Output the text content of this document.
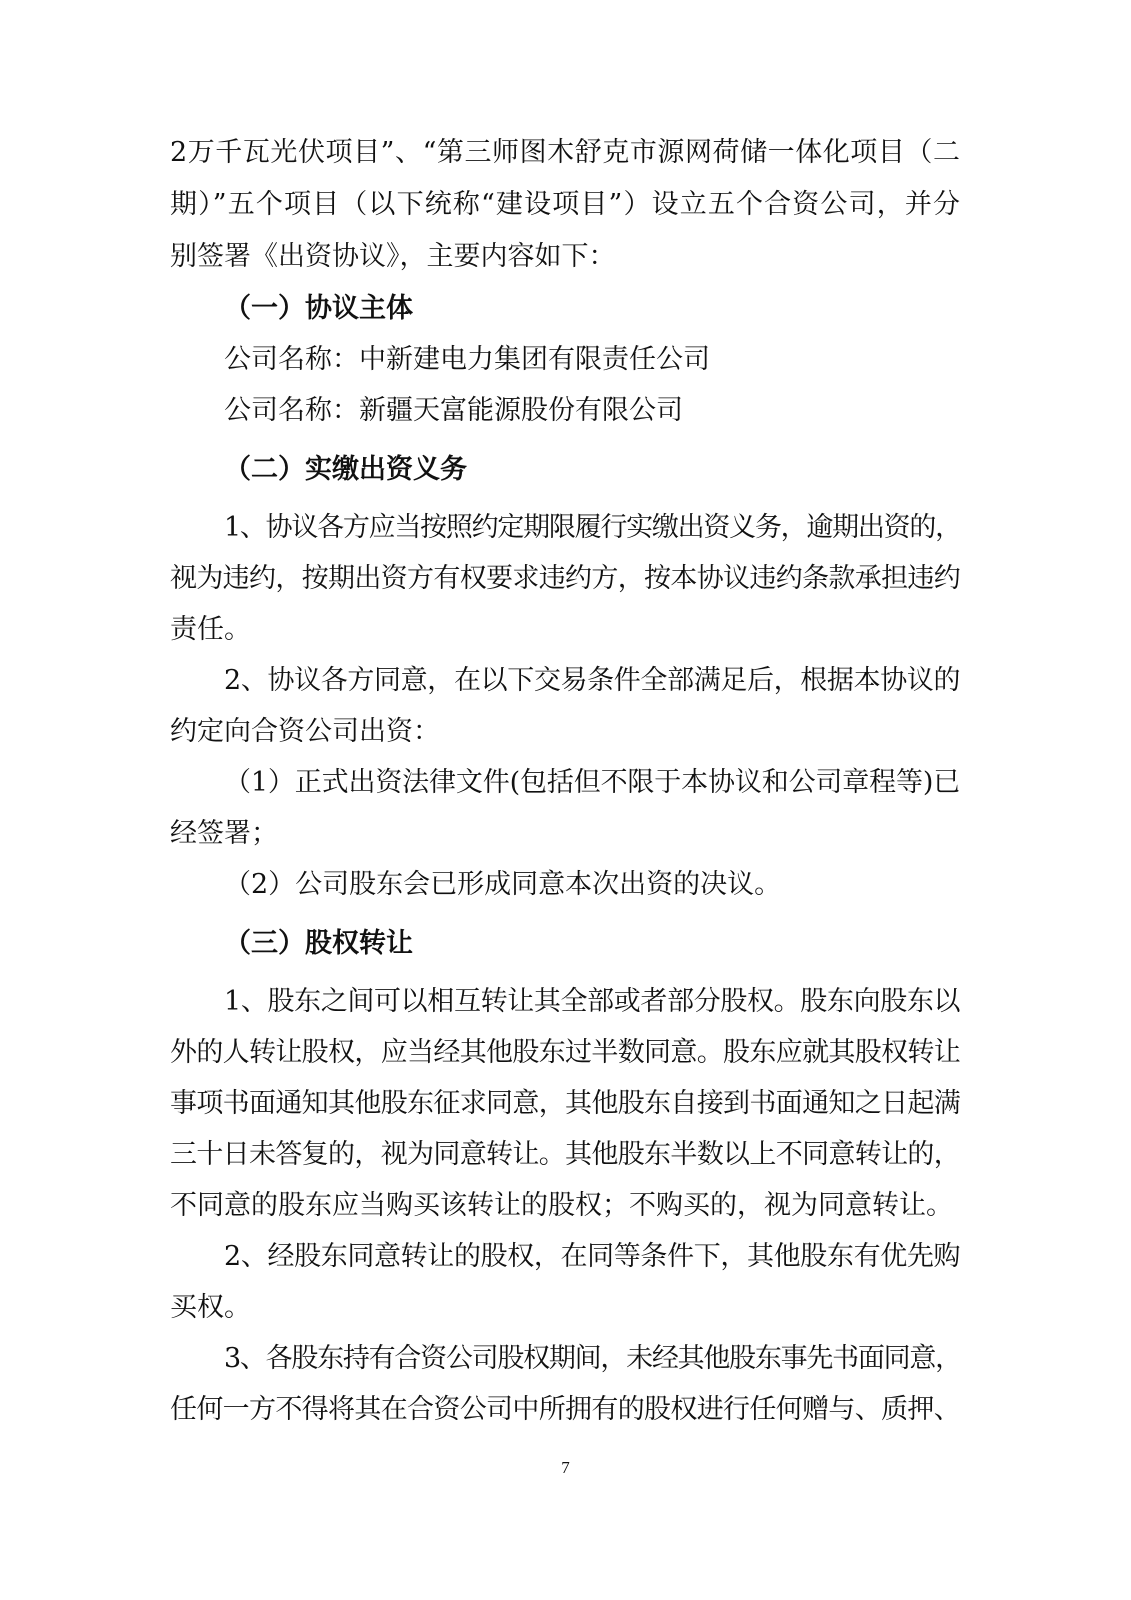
2万千瓦光伏项目”、“第三师图木舒克市源网荷储一体化项目（二
期）”五个项目（以下统称“建设项目”）设立五个合资公司，并分
别签署《出资协议》，主要内容如下：
（一）协议主体
公司名称：中新建电力集团有限责任公司
公司名称：新疆天富能源股份有限公司
（二）实缴出资义务
1、协议各方应当按照约定期限履行实缴出资义务，逾期出资的，
视为违约，按期出资方有权要求违约方，按本协议违约条款承担违约
责任。
2、协议各方同意，在以下交易条件全部满足后，根据本协议的
约定向合资公司出资：
（1）正式出资法律文件(包括但不限于本协议和公司章程等)已
经签署；
（2）公司股东会已形成同意本次出资的决议。
（三）股权转让
1、股东之间可以相互转让其全部或者部分股权。股东向股东以
外的人转让股权，应当经其他股东过半数同意。股东应就其股权转让
事项书面通知其他股东征求同意，其他股东自接到书面通知之日起满
三十日未答复的，视为同意转让。其他股东半数以上不同意转让的，
不同意的股东应当购买该转让的股权；不购买的，视为同意转让。
2、经股东同意转让的股权，在同等条件下，其他股东有优先购
买权。
3、各股东持有合资公司股权期间，未经其他股东事先书面同意，
任何一方不得将其在合资公司中所拥有的股权进行任何赠与、质押、
7
